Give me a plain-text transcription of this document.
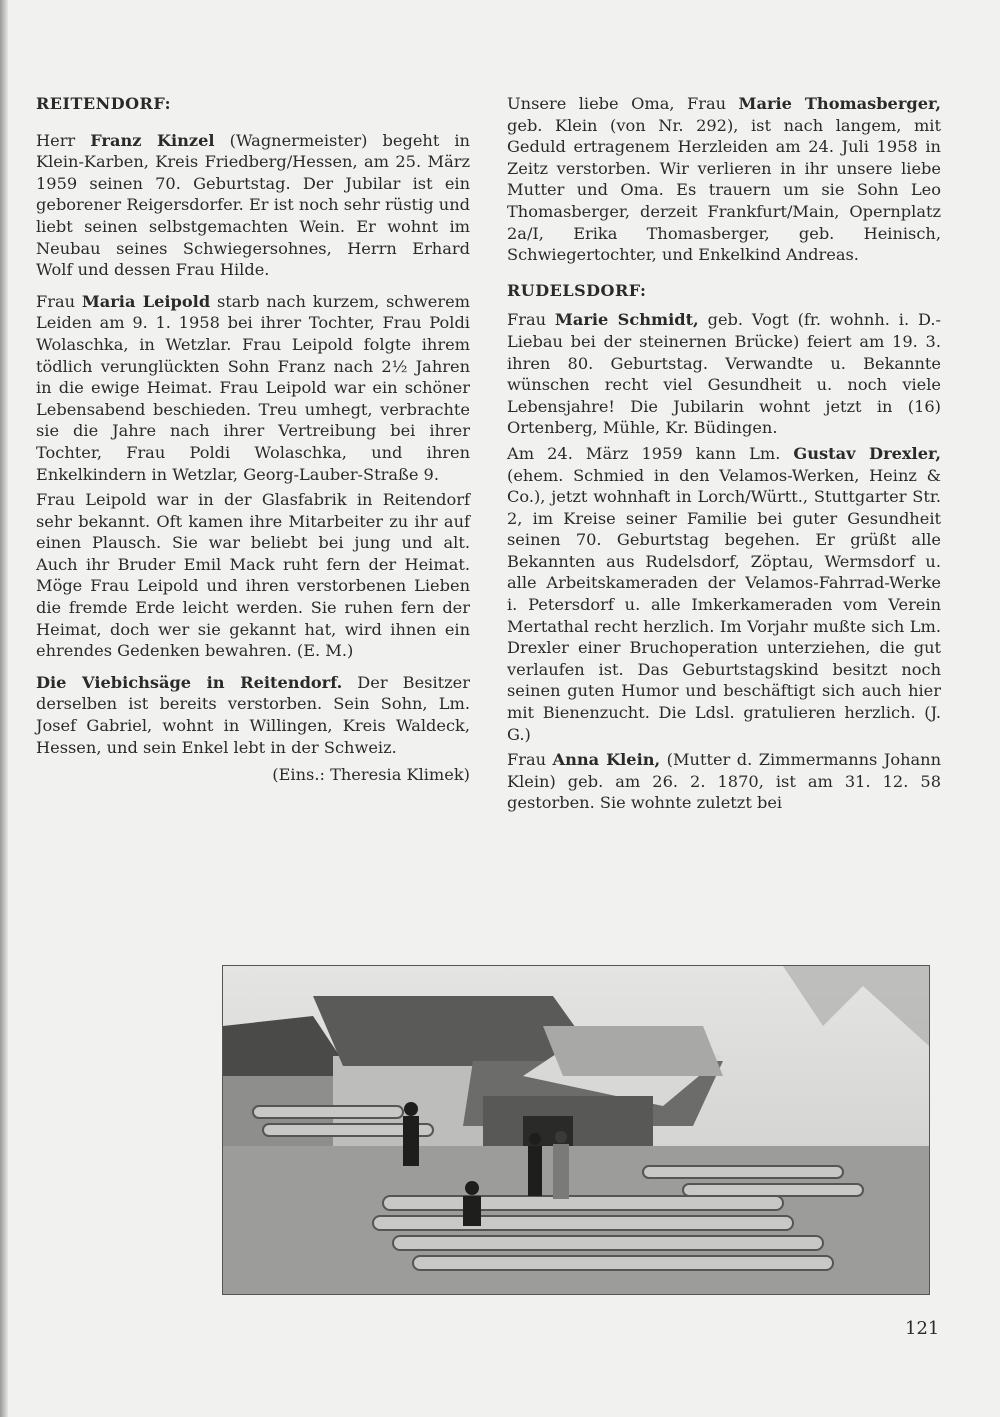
REITENDORF:

Herr Franz Kinzel (Wagnermeister) begeht in Klein-Karben, Kreis Friedberg/Hessen, am 25. März 1959 seinen 70. Geburtstag. Der Jubilar ist ein geborener Reigersdorfer. Er ist noch sehr rüstig und liebt seinen selbstgemachten Wein. Er wohnt im Neubau seines Schwiegersohnes, Herrn Erhard Wolf und dessen Frau Hilde.

Frau Maria Leipold starb nach kurzem, schwerem Leiden am 9. 1. 1958 bei ihrer Tochter, Frau Poldi Wolaschka, in Wetzlar. Frau Leipold folgte ihrem tödlich verunglückten Sohn Franz nach 2½ Jahren in die ewige Heimat. Frau Leipold war ein schöner Lebensabend beschieden. Treu umhegt, verbrachte sie die Jahre nach ihrer Vertreibung bei ihrer Tochter, Frau Poldi Wolaschka, und ihren Enkelkindern in Wetzlar, Georg-Lauber-Straße 9.

Frau Leipold war in der Glasfabrik in Reitendorf sehr bekannt. Oft kamen ihre Mitarbeiter zu ihr auf einen Plausch. Sie war beliebt bei jung und alt. Auch ihr Bruder Emil Mack ruht fern der Heimat. Möge Frau Leipold und ihren verstorbenen Lieben die fremde Erde leicht werden. Sie ruhen fern der Heimat, doch wer sie gekannt hat, wird ihnen ein ehrendes Gedenken bewahren. (E. M.)

Die Viebichsäge in Reitendorf. Der Besitzer derselben ist bereits verstorben. Sein Sohn, Lm. Josef Gabriel, wohnt in Willingen, Kreis Waldeck, Hessen, und sein Enkel lebt in der Schweiz.

(Eins.: Theresia Klimek)

Unsere liebe Oma, Frau Marie Thomasberger, geb. Klein (von Nr. 292), ist nach langem, mit Geduld ertragenem Herzleiden am 24. Juli 1958 in Zeitz verstorben. Wir verlieren in ihr unsere liebe Mutter und Oma. Es trauern um sie Sohn Leo Thomasberger, derzeit Frankfurt/Main, Opernplatz 2a/I, Erika Thomasberger, geb. Heinisch, Schwiegertochter, und Enkelkind Andreas.

RUDELSDORF:

Frau Marie Schmidt, geb. Vogt (fr. wohnh. i. D.-Liebau bei der steinernen Brücke) feiert am 19. 3. ihren 80. Geburtstag. Verwandte u. Bekannte wünschen recht viel Gesundheit u. noch viele Lebensjahre! Die Jubilarin wohnt jetzt in (16) Ortenberg, Mühle, Kr. Büdingen.

Am 24. März 1959 kann Lm. Gustav Drexler, (ehem. Schmied in den Velamos-Werken, Heinz & Co.), jetzt wohnhaft in Lorch/Württ., Stuttgarter Str. 2, im Kreise seiner Familie bei guter Gesundheit seinen 70. Geburtstag begehen. Er grüßt alle Bekannten aus Rudelsdorf, Zöptau, Wermsdorf u. alle Arbeitskameraden der Velamos-Fahrrad-Werke i. Petersdorf u. alle Imkerkameraden vom Verein Mertathal recht herzlich. Im Vorjahr mußte sich Lm. Drexler einer Bruchoperation unterziehen, die gut verlaufen ist. Das Geburtstagskind besitzt noch seinen guten Humor und beschäftigt sich auch hier mit Bienenzucht. Die Ldsl. gratulieren herzlich. (J. G.)

Frau Anna Klein, (Mutter d. Zimmermanns Johann Klein) geb. am 26. 2. 1870, ist am 31. 12. 58 gestorben. Sie wohnte zuletzt bei

121
